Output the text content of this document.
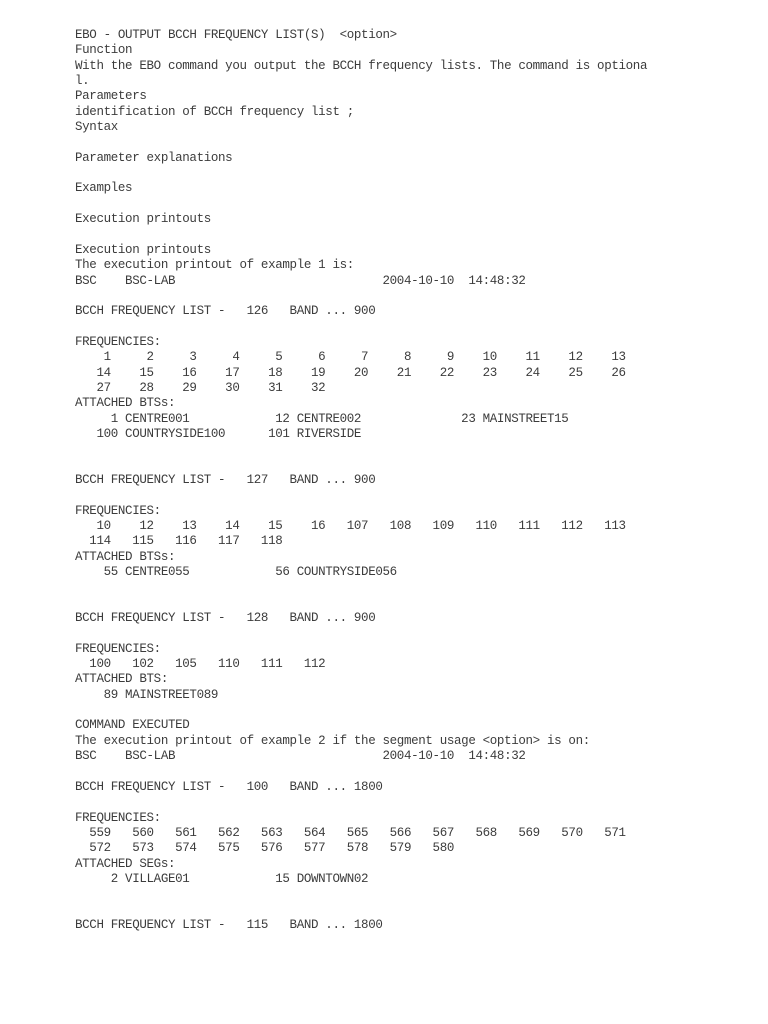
EBO - OUTPUT BCCH FREQUENCY LIST(S)  <option>
Function
With the EBO command you output the BCCH frequency lists. The command is optiona
l.
Parameters
identification of BCCH frequency list ;
Syntax
Parameter explanations
Examples
Execution printouts
Execution printouts
The execution printout of example 1 is:
BSC    BSC-LAB                             2004-10-10  14:48:32
BCCH FREQUENCY LIST -   126   BAND ... 900
FREQUENCIES:
1     2     3     4     5     6     7     8     9    10    11    12    13
14    15    16    17    18    19    20    21    22    23    24    25    26
27    28    29    30    31    32
ATTACHED BTSs:
1 CENTRE001            12 CENTRE002              23 MAINSTREET15
100 COUNTRYSIDE100      101 RIVERSIDE
BCCH FREQUENCY LIST -   127   BAND ... 900
FREQUENCIES:
10    12    13    14    15    16   107   108   109   110   111   112   113
114   115   116   117   118
ATTACHED BTSs:
55 CENTRE055            56 COUNTRYSIDE056
BCCH FREQUENCY LIST -   128   BAND ... 900
FREQUENCIES:
100   102   105   110   111   112
ATTACHED BTS:
89 MAINSTREET089
COMMAND EXECUTED
The execution printout of example 2 if the segment usage <option> is on:
BSC    BSC-LAB                             2004-10-10  14:48:32
BCCH FREQUENCY LIST -   100   BAND ... 1800
FREQUENCIES:
559   560   561   562   563   564   565   566   567   568   569   570   571
572   573   574   575   576   577   578   579   580
ATTACHED SEGs:
2 VILLAGE01            15 DOWNTOWN02
BCCH FREQUENCY LIST -   115   BAND ... 1800
